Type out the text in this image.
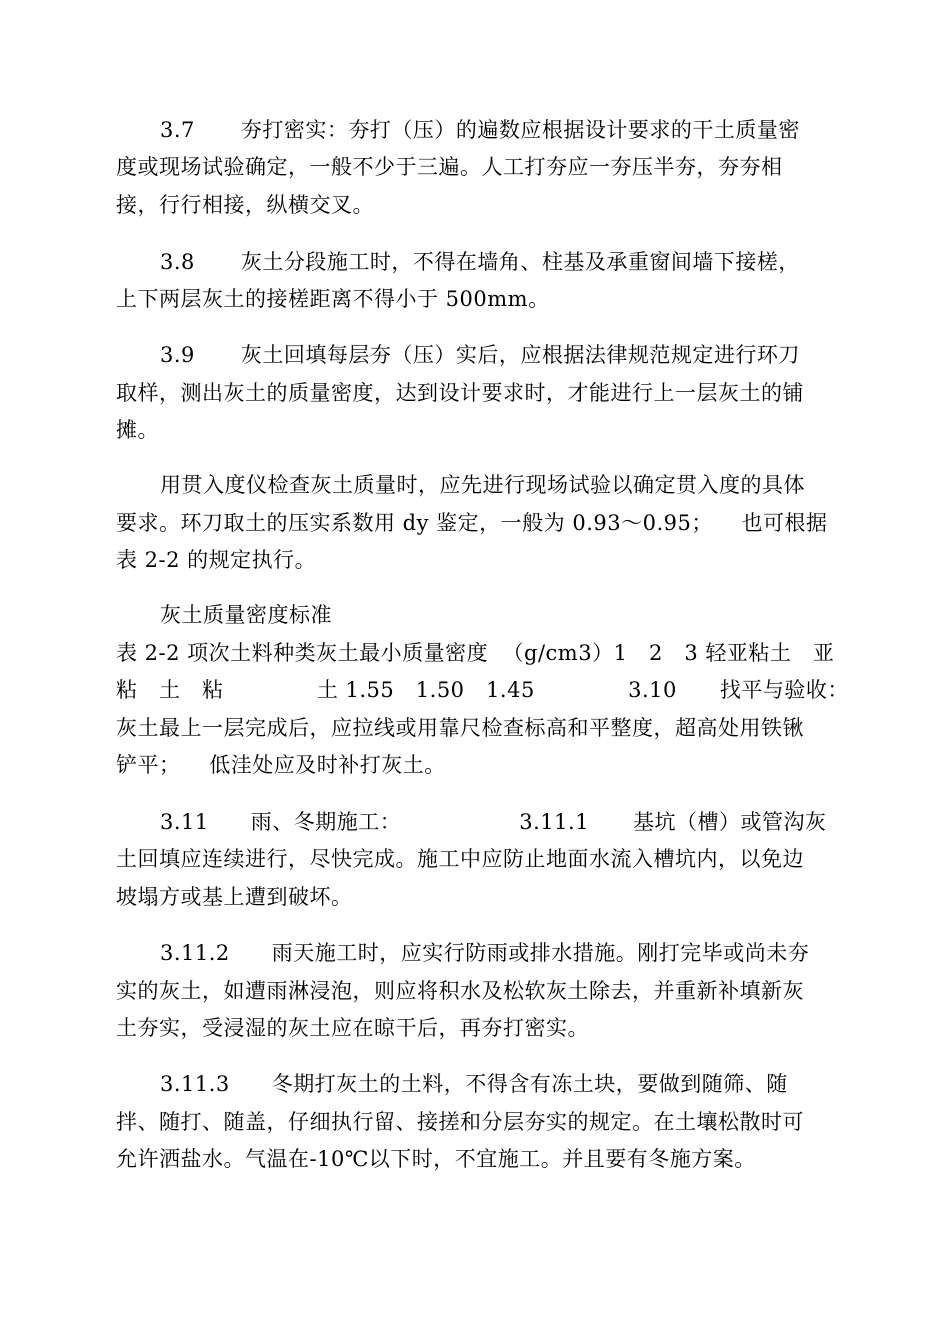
3.7 夯打密实：夯打（压）的遍数应根据设计要求的干土质量密
度或现场试验确定，一般不少于三遍。人工打夯应一夯压半夯，夯夯相
接，行行相接，纵横交叉。
3.8 灰土分段施工时，不得在墙角、柱基及承重窗间墙下接槎，
上下两层灰土的接槎距离不得小于 500mm。
3.9 灰土回填每层夯（压）实后，应根据法律规范规定进行环刀
取样，测出灰土的质量密度，达到设计要求时，才能进行上一层灰土的铺
摊。
用贯入度仪检查灰土质量时，应先进行现场试验以确定贯入度的具体
要求。环刀取土的压实系数用 dy 鉴定，一般为 0.93～0.95；    也可根据
表 2-2 的规定执行。
灰土质量密度标准
表 2-2 项次土料种类灰土最小质量密度  （g/cm3）1   2   3 轻亚粘土   亚
粘   土   粘             土 1.55   1.50   1.45             3.10      找平与验收：
灰土最上一层完成后，应拉线或用靠尺检查标高和平整度，超高处用铁锹
铲平；    低洼处应及时补打灰土。
3.11 雨、冬期施工：	3.11.1 基坑（槽）或管沟灰
土回填应连续进行，尽快完成。施工中应防止地面水流入槽坑内，以免边
坡塌方或基上遭到破坏。
3.11.2 雨天施工时，应实行防雨或排水措施。刚打完毕或尚未夯
实的灰土，如遭雨淋浸泡，则应将积水及松软灰土除去，并重新补填新灰
土夯实，受浸湿的灰土应在晾干后，再夯打密实。
3.11.3 冬期打灰土的土料，不得含有冻土块，要做到随筛、随
拌、随打、随盖，仔细执行留、接搓和分层夯实的规定。在土壤松散时可
允许洒盐水。气温在-10℃以下时，不宜施工。并且要有冬施方案。
